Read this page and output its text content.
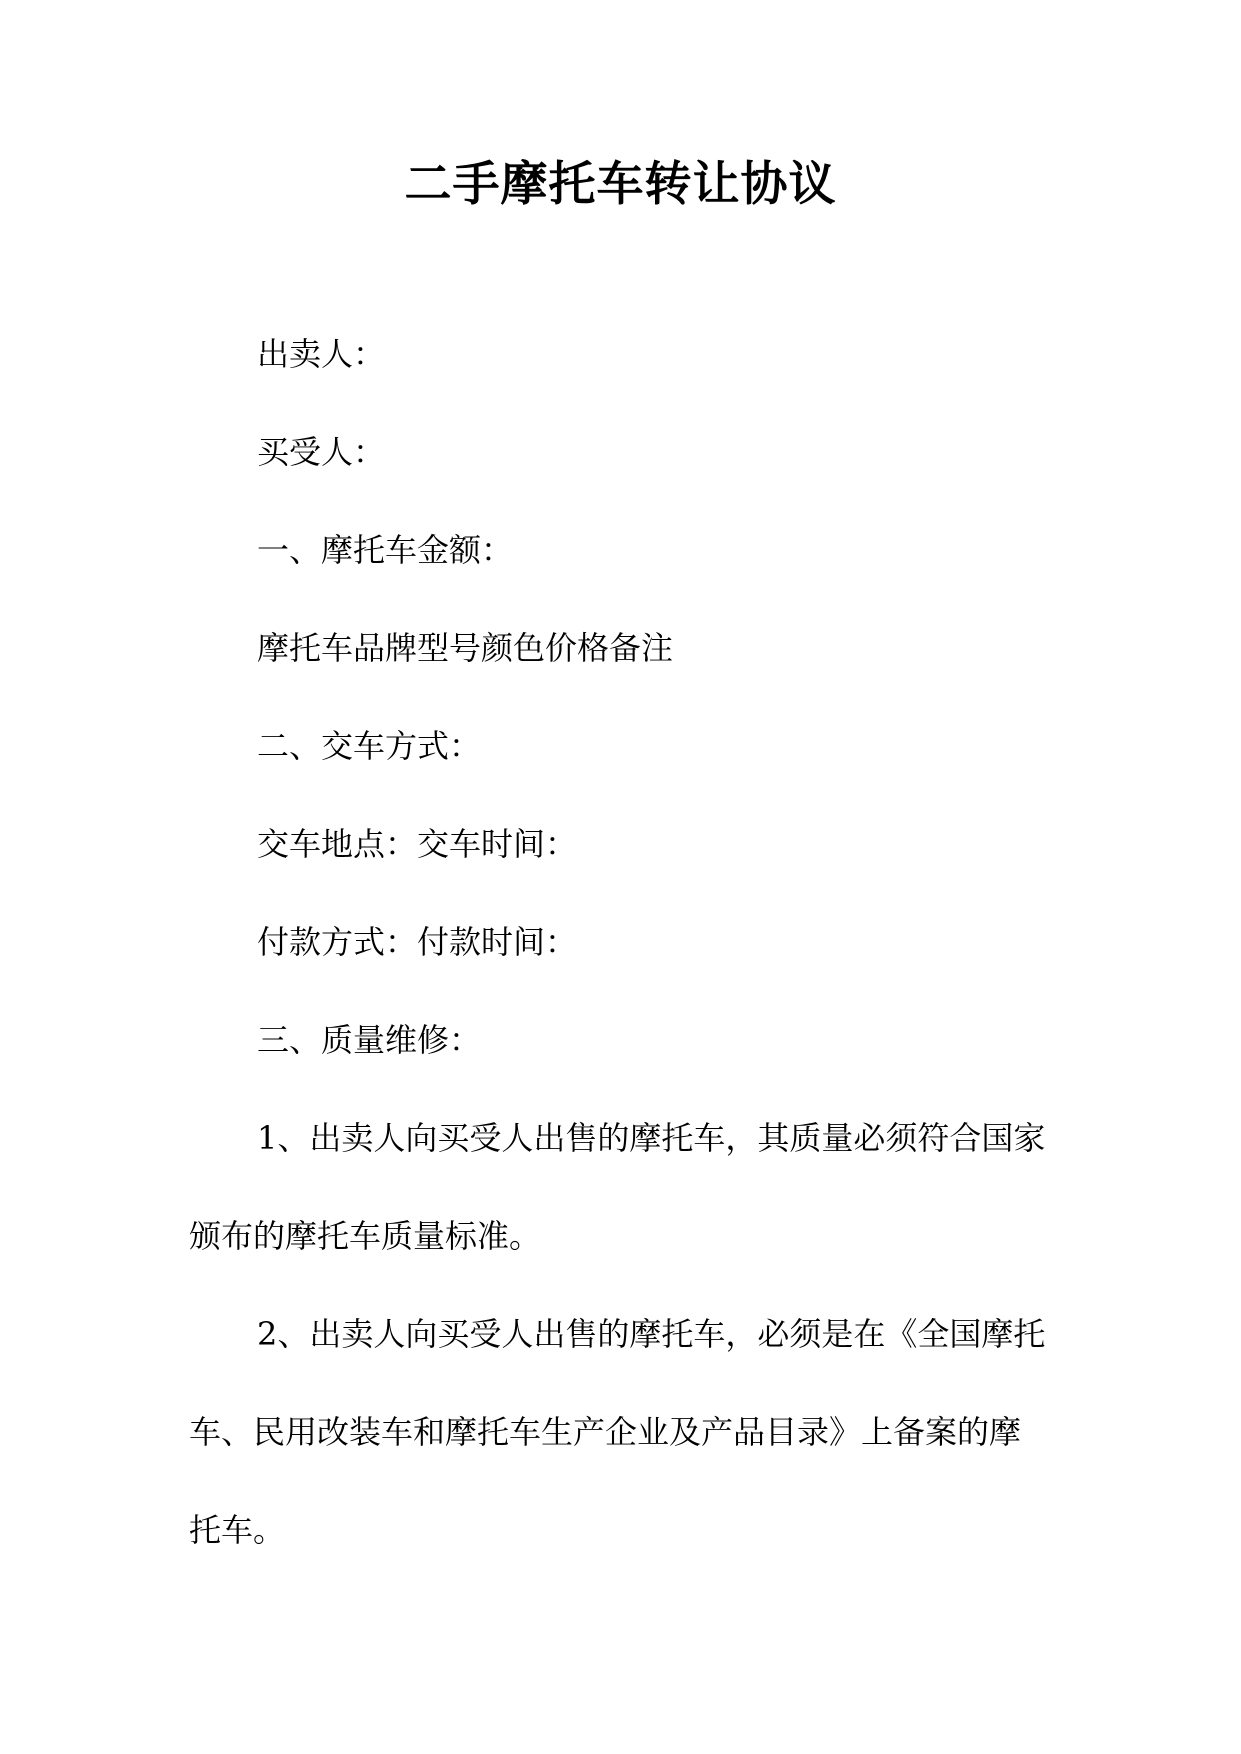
二手摩托车转让协议

出卖人：

买受人：

一、摩托车金额：

摩托车品牌型号颜色价格备注

二、交车方式：

交车地点：交车时间：

付款方式：付款时间：

三、质量维修：

1、出卖人向买受人出售的摩托车，其质量必须符合国家颁布的摩托车质量标准。

2、出卖人向买受人出售的摩托车，必须是在《全国摩托车、民用改装车和摩托车生产企业及产品目录》上备案的摩托车。
